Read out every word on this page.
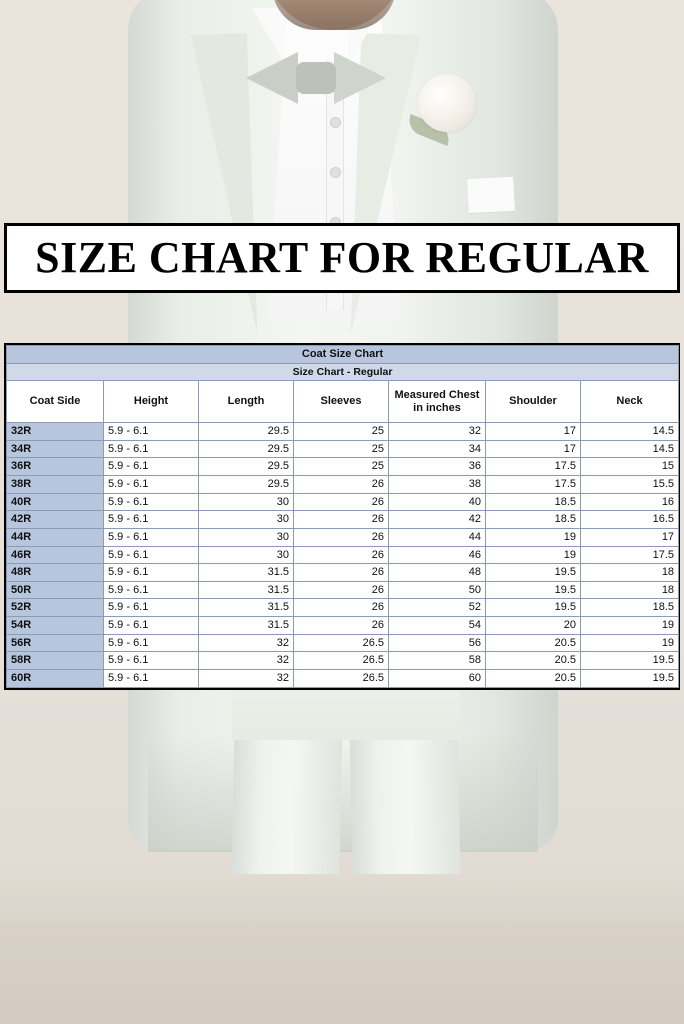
SIZE CHART FOR REGULAR
Coat Size Chart						
Size Chart - Regular						
Coat Side	Height	Length	Sleeves	Measured Chest in inches	Shoulder	Neck
32R	5.9 - 6.1	29.5	25	32	17	14.5
34R	5.9 - 6.1	29.5	25	34	17	14.5
36R	5.9 - 6.1	29.5	25	36	17.5	15
38R	5.9 - 6.1	29.5	26	38	17.5	15.5
40R	5.9 - 6.1	30	26	40	18.5	16
42R	5.9 - 6.1	30	26	42	18.5	16.5
44R	5.9 - 6.1	30	26	44	19	17
46R	5.9 - 6.1	30	26	46	19	17.5
48R	5.9 - 6.1	31.5	26	48	19.5	18
50R	5.9 - 6.1	31.5	26	50	19.5	18
52R	5.9 - 6.1	31.5	26	52	19.5	18.5
54R	5.9 - 6.1	31.5	26	54	20	19
56R	5.9 - 6.1	32	26.5	56	20.5	19
58R	5.9 - 6.1	32	26.5	58	20.5	19.5
60R	5.9 - 6.1	32	26.5	60	20.5	19.5
